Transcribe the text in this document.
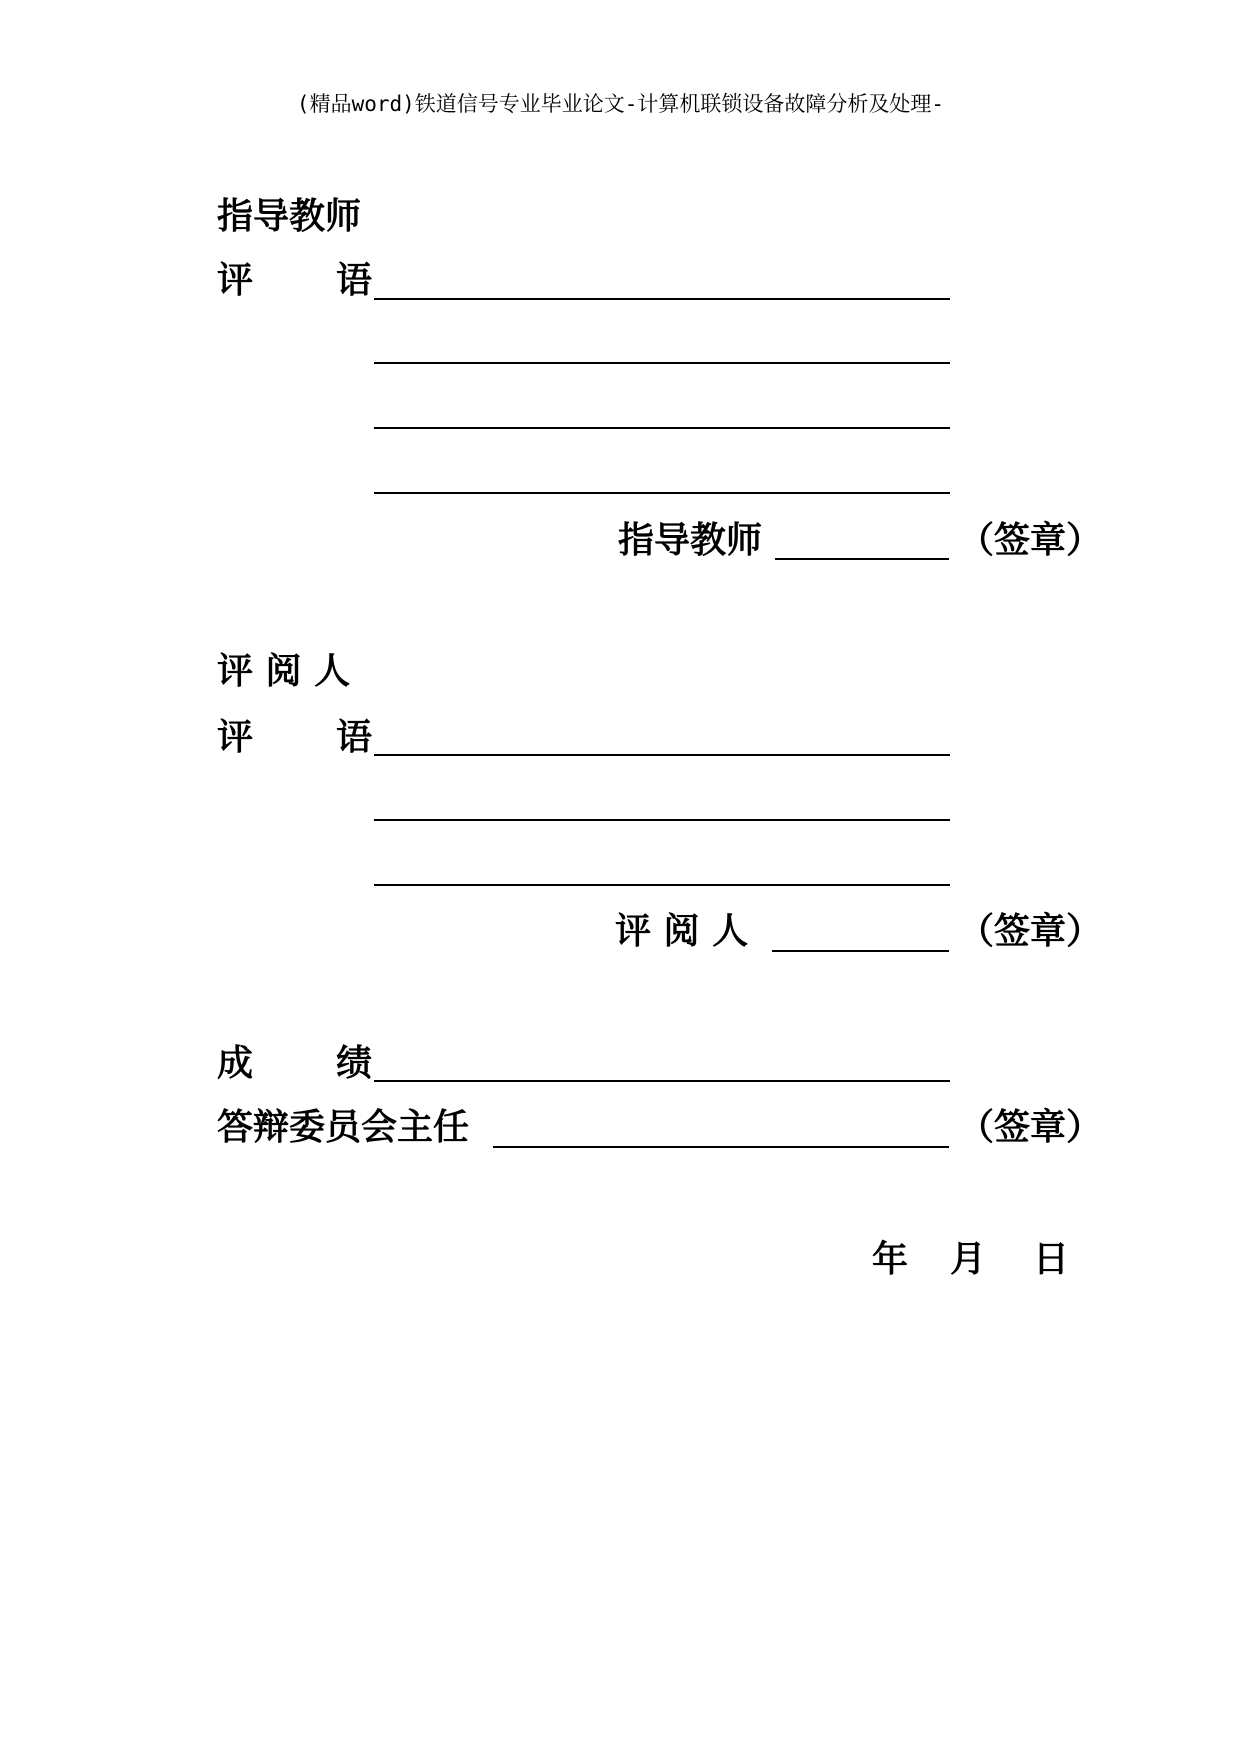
(精品word)铁道信号专业毕业论文-计算机联锁设备故障分析及处理-
指导教师
评 语
指导教师	（签章）
评 阅 人
评 语
评 阅 人	（签章）
成 绩
答辩委员会主任	（签章）
年 月 日
